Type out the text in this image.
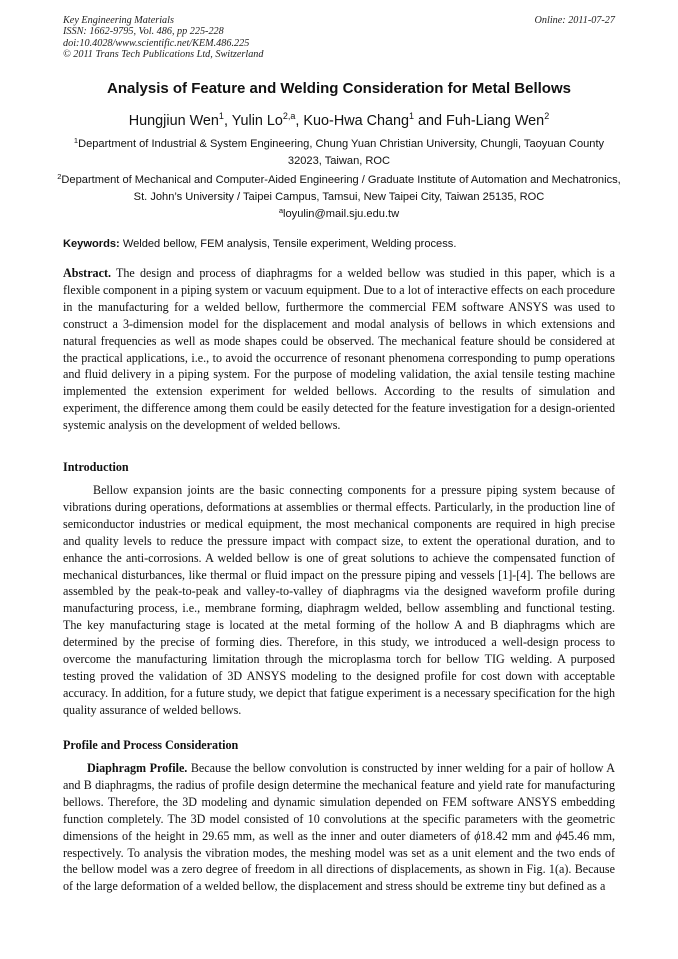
Key Engineering Materials
ISSN: 1662-9795, Vol. 486, pp 225-228
doi:10.4028/www.scientific.net/KEM.486.225
© 2011 Trans Tech Publications Ltd, Switzerland
Online: 2011-07-27
Analysis of Feature and Welding Consideration for Metal Bellows
Hungjiun Wen$^1$, Yulin Lo$^{2,a}$, Kuo-Hwa Chang$^1$ and Fuh-Liang Wen$^2$
$^1$Department of Industrial & System Engineering, Chung Yuan Christian University, Chungli, Taoyuan County 32023, Taiwan, ROC
$^2$Department of Mechanical and Computer-Aided Engineering / Graduate Institute of Automation and Mechatronics, St. John’s University / Taipei Campus, Tamsui, New Taipei City, Taiwan 25135, ROC
$^a$loyulin@mail.sju.edu.tw
Keywords: Welded bellow, FEM analysis, Tensile experiment, Welding process.
Abstract. The design and process of diaphragms for a welded bellow was studied in this paper, which is a flexible component in a piping system or vacuum equipment. Due to a lot of interactive effects on each procedure in the manufacturing for a welded bellow, furthermore the commercial FEM software ANSYS was used to construct a 3-dimension model for the displacement and modal analysis of bellows in which extensions and natural frequencies as well as mode shapes could be observed. The mechanical feature should be considered at the practical applications, i.e., to avoid the occurrence of resonant phenomena corresponding to pump operations and fluid delivery in a piping system. For the purpose of modeling validation, the axial tensile testing machine implemented the extension experiment for welded bellows. According to the results of simulation and experiment, the difference among them could be easily detected for the feature investigation for a design-oriented systemic analysis on the development of welded bellows.
Introduction
Bellow expansion joints are the basic connecting components for a pressure piping system because of vibrations during operations, deformations at assemblies or thermal effects. Particularly, in the production line of semiconductor industries or medical equipment, the most mechanical components are required in high precise and quality levels to reduce the pressure impact with compact size, to extent the operational duration, and to enhance the anti-corrosions. A welded bellow is one of great solutions to achieve the compensated function of mechanical disturbances, like thermal or fluid impact on the pressure piping and vessels [1]-[4]. The bellows are assembled by the peak-to-peak and valley-to-valley of diaphragms via the designed waveform profile during manufacturing process, i.e., membrane forming, diaphragm welded, bellow assembling and functional testing. The key manufacturing stage is located at the metal forming of the hollow A and B diaphragms which are determined by the precise of forming dies. Therefore, in this study, we introduced a well-design process to overcome the manufacturing limitation through the microplasma torch for bellow TIG welding. A purposed testing proved the validation of 3D ANSYS modeling to the designed profile for cost down with acceptable accuracy. In addition, for a future study, we depict that fatigue experiment is a necessary specification for the high quality assurance of welded bellows.
Profile and Process Consideration
Diaphragm Profile. Because the bellow convolution is constructed by inner welding for a pair of hollow A and B diaphragms, the radius of profile design determine the mechanical feature and yield rate for manufacturing bellows. Therefore, the 3D modeling and dynamic simulation depended on FEM software ANSYS embedding function completely. The 3D model consisted of 10 convolutions at the specific parameters with the geometric dimensions of the height in 29.65 mm, as well as the inner and outer diameters of ϕ18.42 mm and ϕ45.46 mm, respectively. To analysis the vibration modes, the meshing model was set as a unit element and the two ends of the bellow model was a zero degree of freedom in all directions of displacements, as shown in Fig. 1(a). Because of the large deformation of a welded bellow, the displacement and stress should be extreme tiny but defined as a
